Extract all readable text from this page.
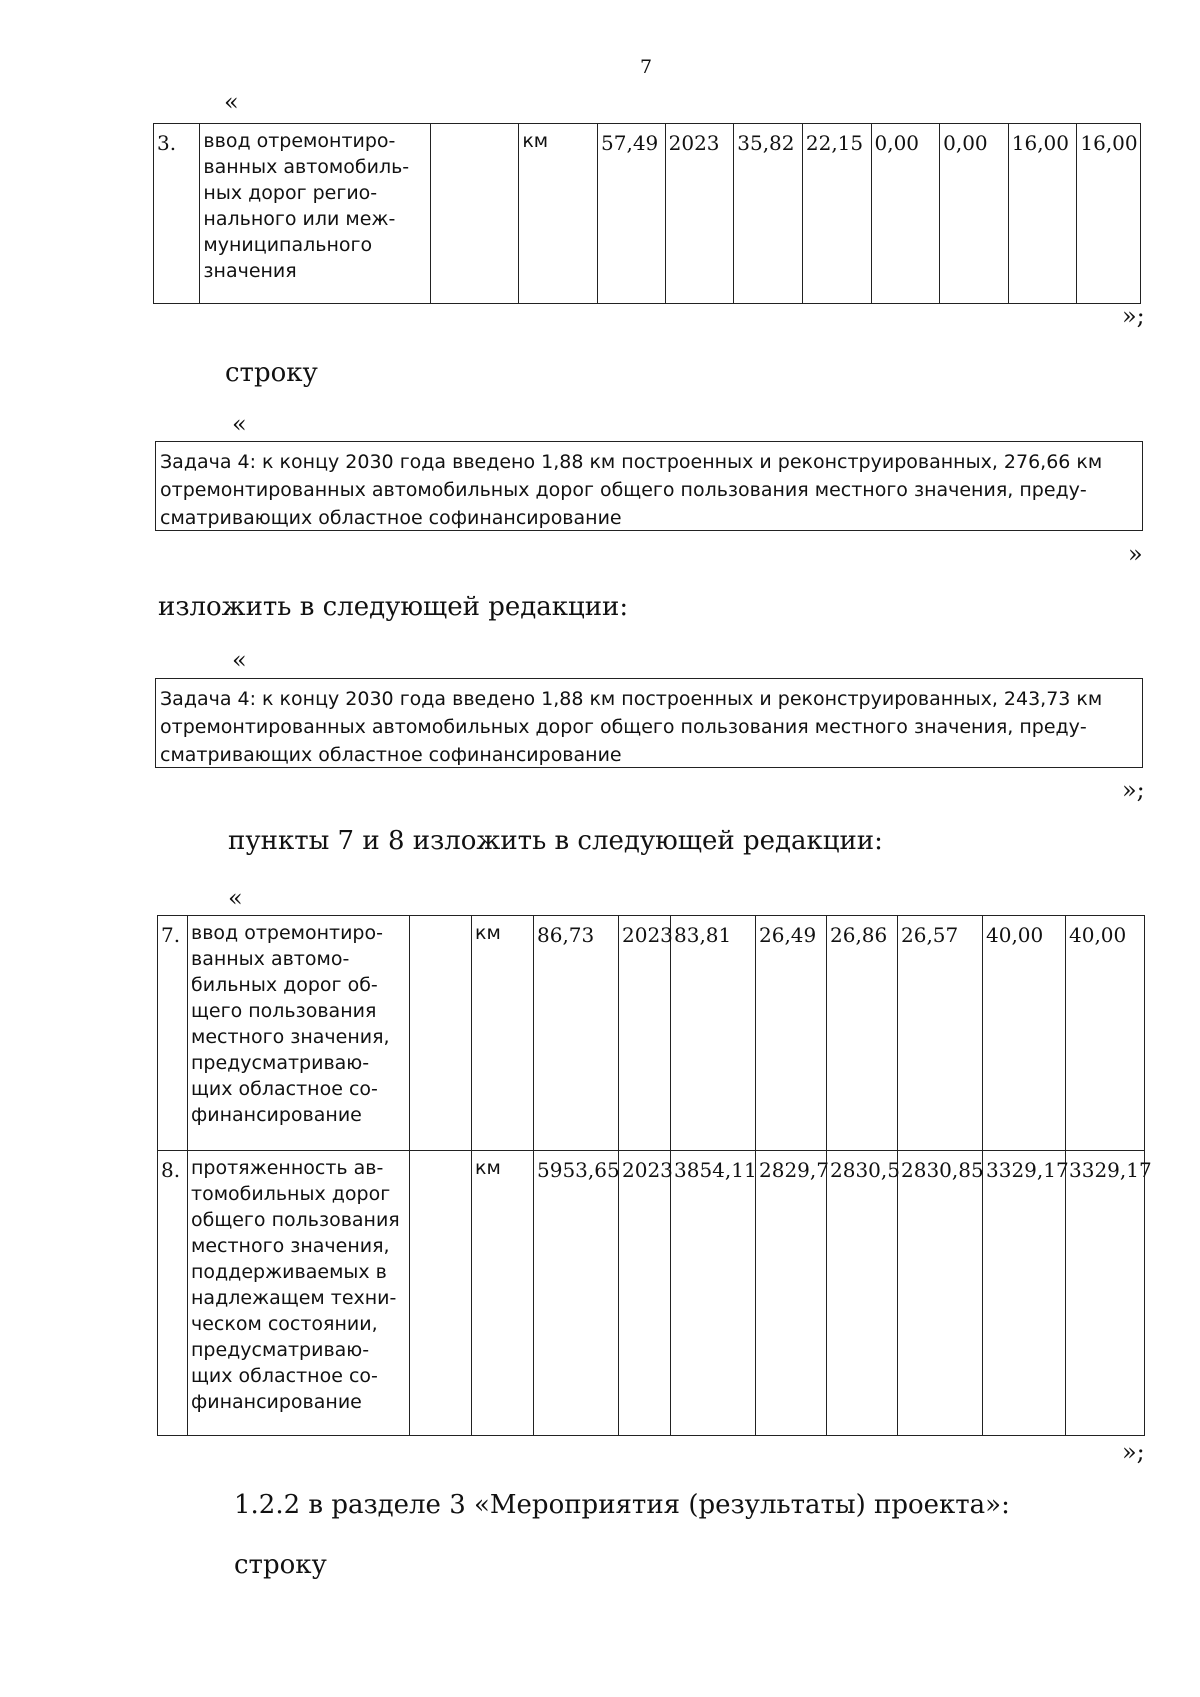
7
«
3.	ввод отремонтиро-ванных автомобиль-ных дорог регио-нального или меж-муниципального значения		км	57,49	2023	35,82	22,15	0,00	0,00	16,00	16,00
»;
строку
«
Задача 4: к концу 2030 года введено 1,88 км построенных и реконструированных, 276,66 км отремонтированных автомобильных дорог общего пользования местного значения, преду-сматривающих областное софинансирование
»
изложить в следующей редакции:
«
Задача 4: к концу 2030 года введено 1,88 км построенных и реконструированных, 243,73 км отремонтированных автомобильных дорог общего пользования местного значения, преду-сматривающих областное софинансирование
»;
пункты 7 и 8 изложить в следующей редакции:
«
7.	ввод отремонтиро-ванных автомо-бильных дорог об-щего пользования местного значения, предусматриваю-щих областное со-финансирование		км	86,73	2023	83,81	26,49	26,86	26,57	40,00	40,00
8.	протяженность ав-томобильных дорог общего пользования местного значения, поддерживаемых в надлежащем техни-ческом состоянии, предусматриваю-щих областное со-финансирование		км	5953,65	2023	3854,11	2829,7	2830,5	2830,85	3329,17	3329,17
»;
1.2.2 в разделе 3 «Мероприятия (результаты) проекта»:
строку
